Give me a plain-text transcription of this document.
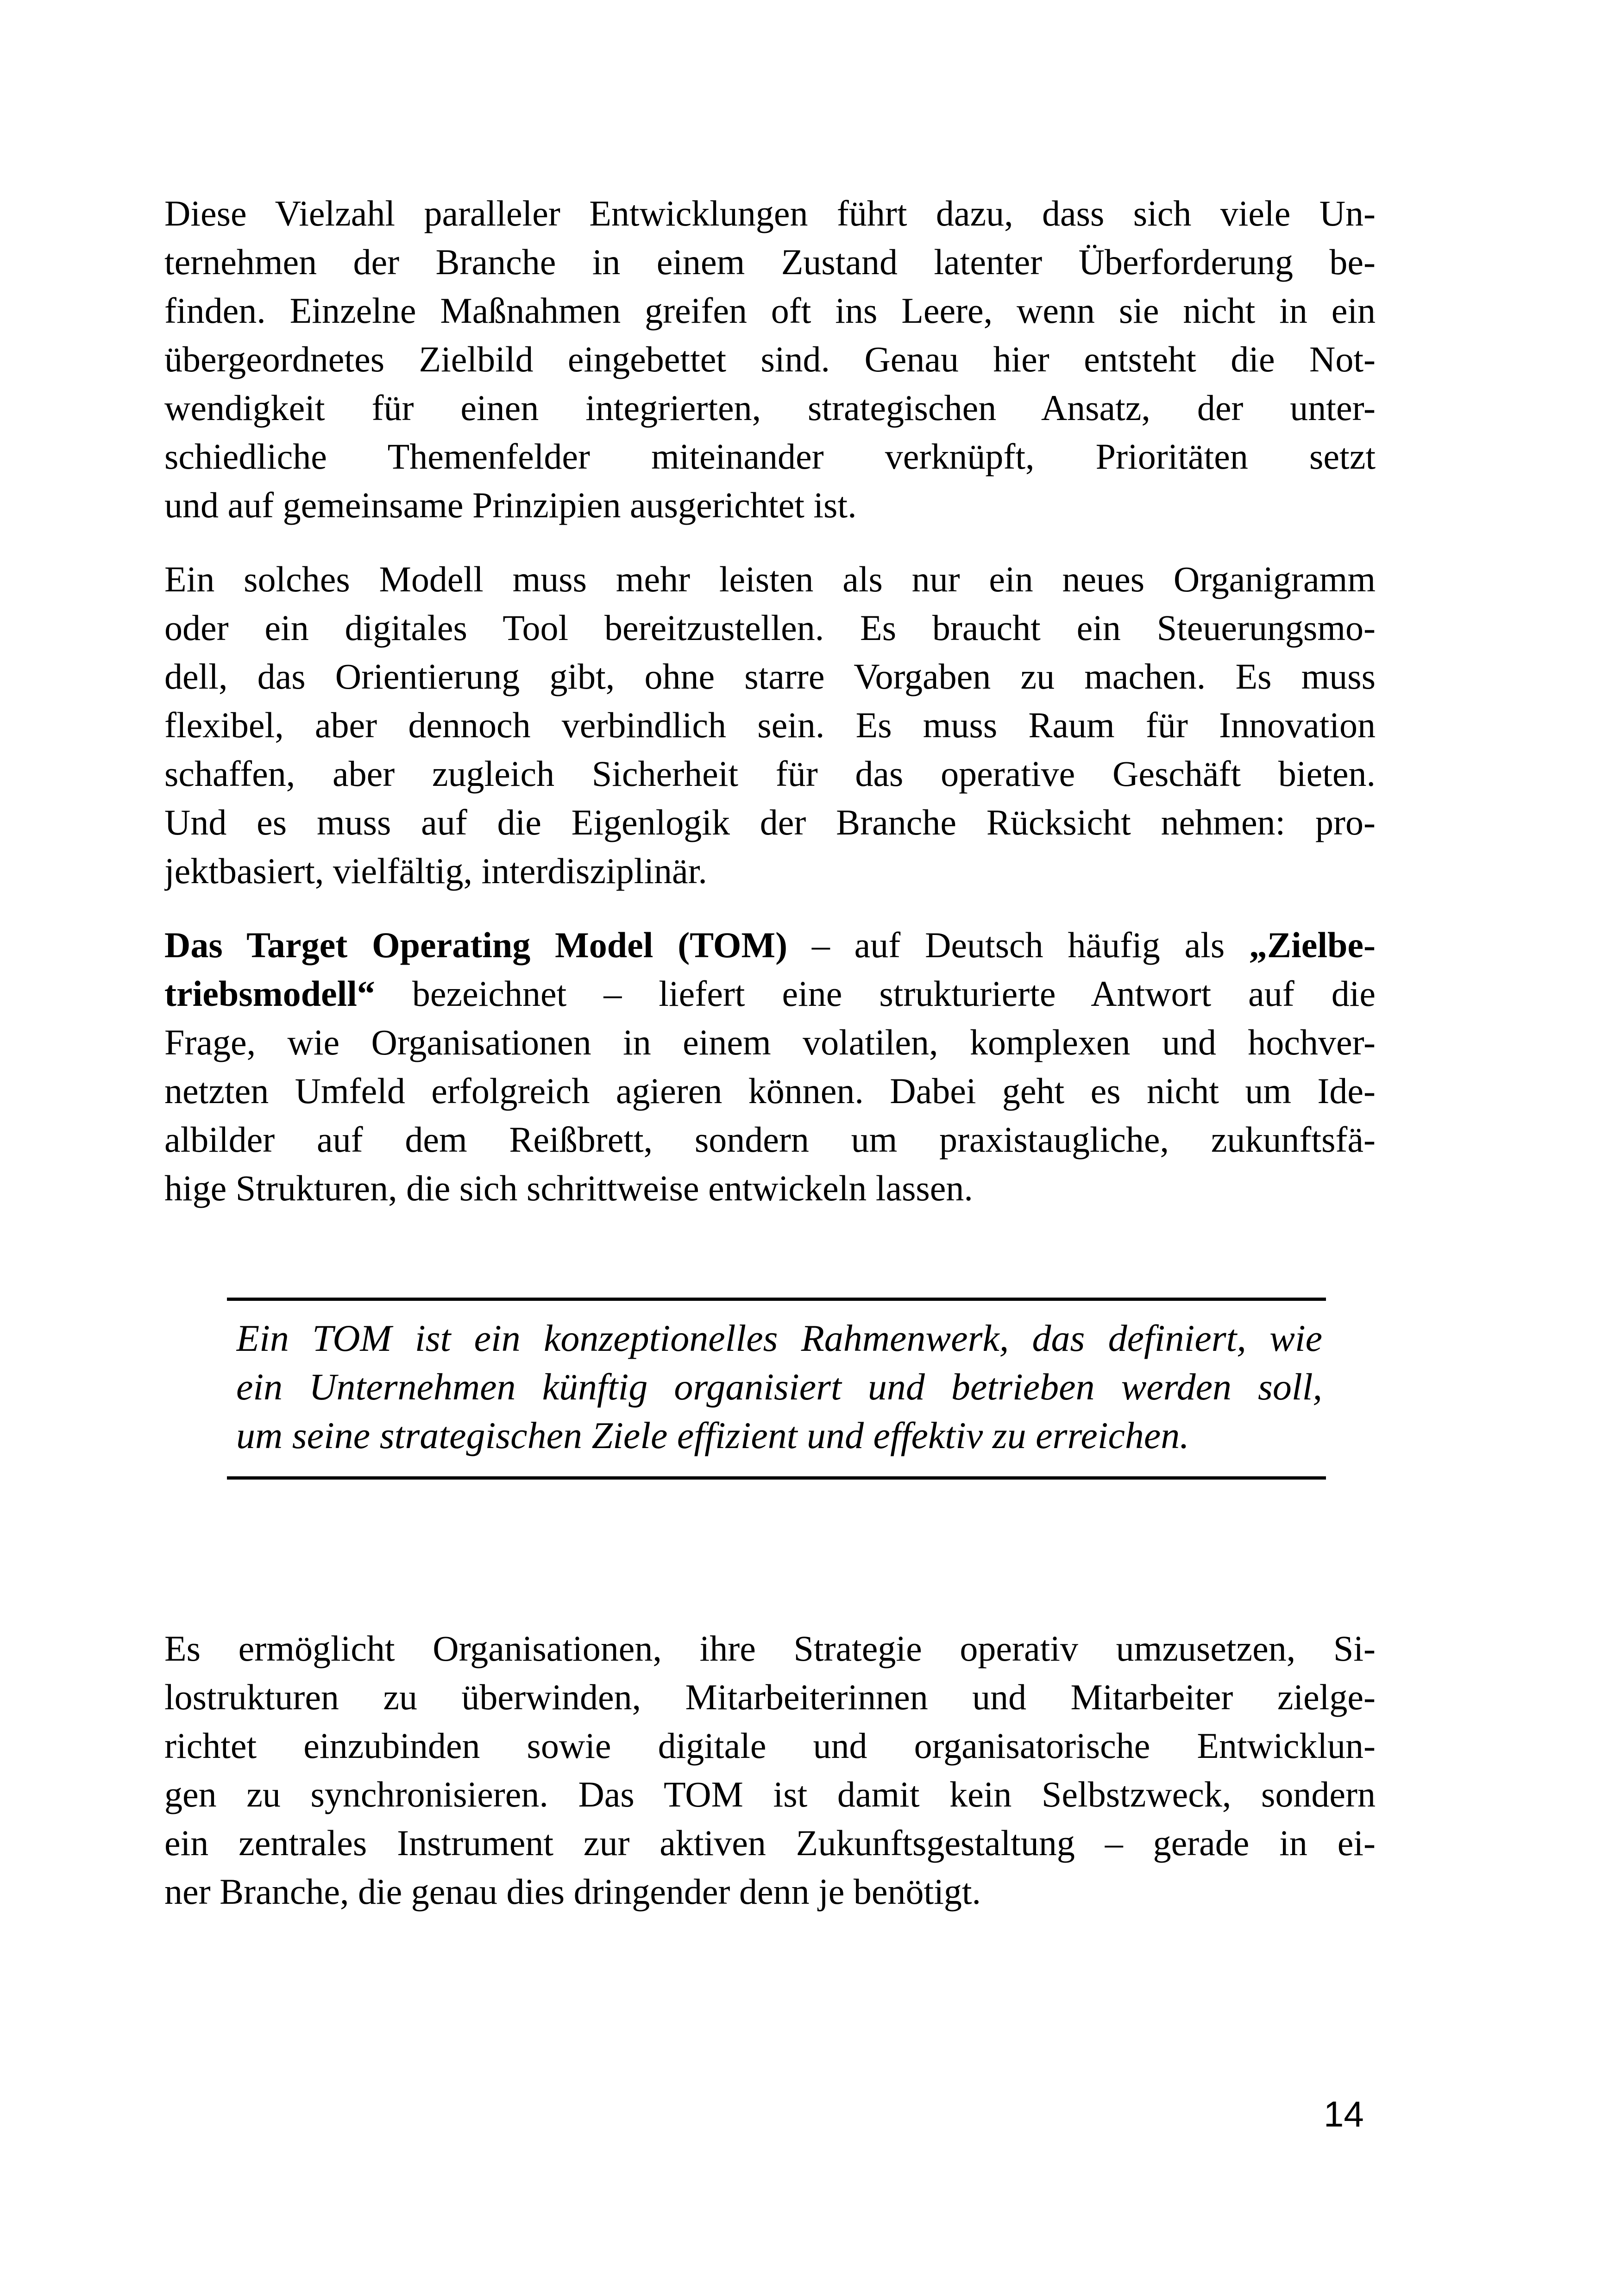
Diese Vielzahl paralleler Entwicklungen führt dazu, dass sich viele Un-
ternehmen der Branche in einem Zustand latenter Überforderung be-
finden. Einzelne Maßnahmen greifen oft ins Leere, wenn sie nicht in ein
übergeordnetes Zielbild eingebettet sind. Genau hier entsteht die Not-
wendigkeit für einen integrierten, strategischen Ansatz, der unter-
schiedliche Themenfelder miteinander verknüpft, Prioritäten setzt
und auf gemeinsame Prinzipien ausgerichtet ist.
Ein solches Modell muss mehr leisten als nur ein neues Organigramm
oder ein digitales Tool bereitzustellen. Es braucht ein Steuerungsmo-
dell, das Orientierung gibt, ohne starre Vorgaben zu machen. Es muss
flexibel, aber dennoch verbindlich sein. Es muss Raum für Innovation
schaffen, aber zugleich Sicherheit für das operative Geschäft bieten.
Und es muss auf die Eigenlogik der Branche Rücksicht nehmen: pro-
jektbasiert, vielfältig, interdisziplinär.
Das Target Operating Model (TOM) – auf Deutsch häufig als „Zielbe-
triebsmodell“ bezeichnet – liefert eine strukturierte Antwort auf die
Frage, wie Organisationen in einem volatilen, komplexen und hochver-
netzten Umfeld erfolgreich agieren können. Dabei geht es nicht um Ide-
albilder auf dem Reißbrett, sondern um praxistaugliche, zukunftsfä-
hige Strukturen, die sich schrittweise entwickeln lassen.
Ein TOM ist ein konzeptionelles Rahmenwerk, das definiert, wie
ein Unternehmen künftig organisiert und betrieben werden soll,
um seine strategischen Ziele effizient und effektiv zu erreichen.
Es ermöglicht Organisationen, ihre Strategie operativ umzusetzen, Si-
lostrukturen zu überwinden, Mitarbeiterinnen und Mitarbeiter zielge-
richtet einzubinden sowie digitale und organisatorische Entwicklun-
gen zu synchronisieren. Das TOM ist damit kein Selbstzweck, sondern
ein zentrales Instrument zur aktiven Zukunftsgestaltung – gerade in ei-
ner Branche, die genau dies dringender denn je benötigt.
14
